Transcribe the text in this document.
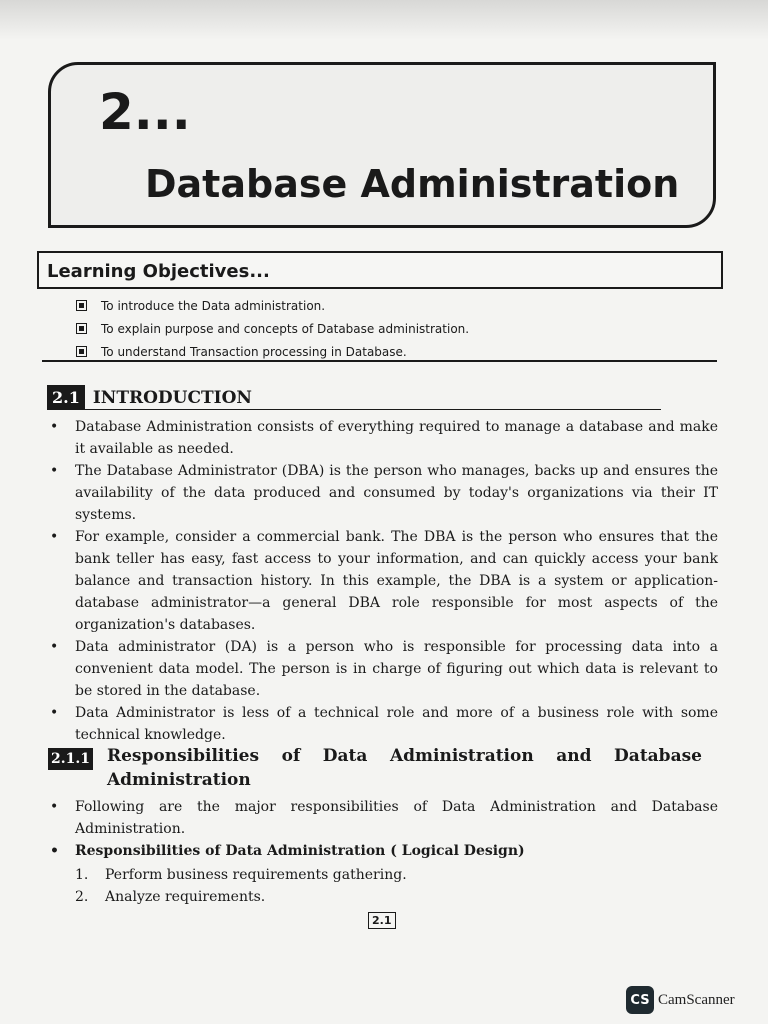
2...
Database Administration
Learning Objectives...
To introduce the Data administration.
To explain purpose and concepts of Database administration.
To understand Transaction processing in Database.
2.1 INTRODUCTION
• Database Administration consists of everything required to manage a database and make it available as needed.
• The Database Administrator (DBA) is the person who manages, backs up and ensures the availability of the data produced and consumed by today's organizations via their IT systems.
• For example, consider a commercial bank. The DBA is the person who ensures that the bank teller has easy, fast access to your information, and can quickly access your bank balance and transaction history. In this example, the DBA is a system or application-database administrator—a general DBA role responsible for most aspects of the organization's databases.
• Data administrator (DA) is a person who is responsible for processing data into a convenient data model. The person is in charge of figuring out which data is relevant to be stored in the database.
• Data Administrator is less of a technical role and more of a business role with some technical knowledge.
2.1.1 Responsibilities of Data Administration and Database
Administration
• Following are the major responsibilities of Data Administration and Database Administration.
• Responsibilities of Data Administration ( Logical Design)
1. Perform business requirements gathering.
2. Analyze requirements.
2.1
CS CamScanner
